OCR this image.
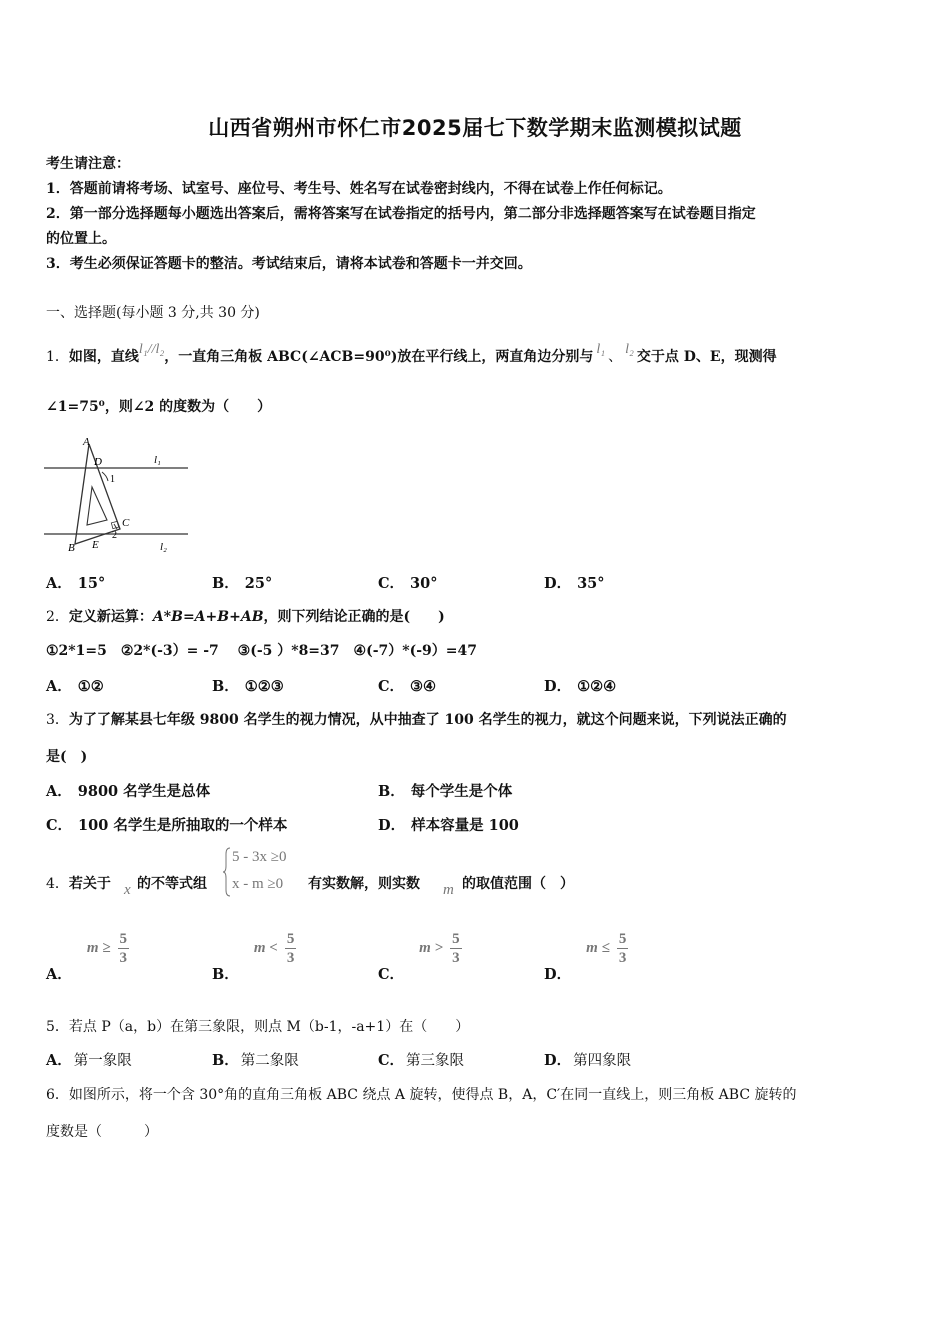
山西省朔州市怀仁市2025届七下数学期末监测模拟试题
考生请注意：
1．答题前请将考场、试室号、座位号、考生号、姓名写在试卷密封线内，不得在试卷上作任何标记。
2．第一部分选择题每小题选出答案后，需将答案写在试卷指定的括号内，第二部分非选择题答案写在试卷题目指定
的位置上。
3．考生必须保证答题卡的整洁。考试结束后，请将本试卷和答题卡一并交回。
一、选择题(每小题 3 分,共 30 分)
1．如图，直线l₁//l₂，一直角三角板 ABC(∠ACB=90⁰)放在平行线上，两直角边分别与 l₁ 、 l₂ 交于点 D、E，现测得
∠1=75⁰，则∠2 的度数为（　　）
A
D	l₁
1
C
2
B E	l₂
A． 15°	B． 25°	C． 30°	D． 35°
2．定义新运算：A*B=A+B+AB，则下列结论正确的是(　　)
①2*1=5　②2*(-3）= -7　 ③(-5 ）*8=37　④(-7）*(-9）=47
A． ①②	B． ①②③	C． ③④	D． ①②④
3．为了了解某县七年级 9800 名学生的视力情况，从中抽查了 100 名学生的视力，就这个问题来说，下列说法正确的
是(　)
A． 9800 名学生是总体	B． 每个学生是个体
C． 100 名学生是所抽取的一个样本	D． 样本容量是 100
4．若关于 x 的不等式组
5 - 3x ≥0
x - m ≥0 有实数解，则实数 m 的取值范围（　）
A． $m \ge \frac{5}{3}$
B． $m < \frac{5}{3}$
C． $m > \frac{5}{3}$
D． $m \le \frac{5}{3}$
5．若点 P（a，b）在第三象限，则点 M（b-1，-a+1）在（　　）
A． 第一象限	B． 第二象限	C． 第三象限	D． 第四象限
6．如图所示，将一个含 30°角的直角三角板 ABC 绕点 A 旋转，使得点 B，A，C′在同一直线上，则三角板 ABC 旋转的
度数是（　　　）
